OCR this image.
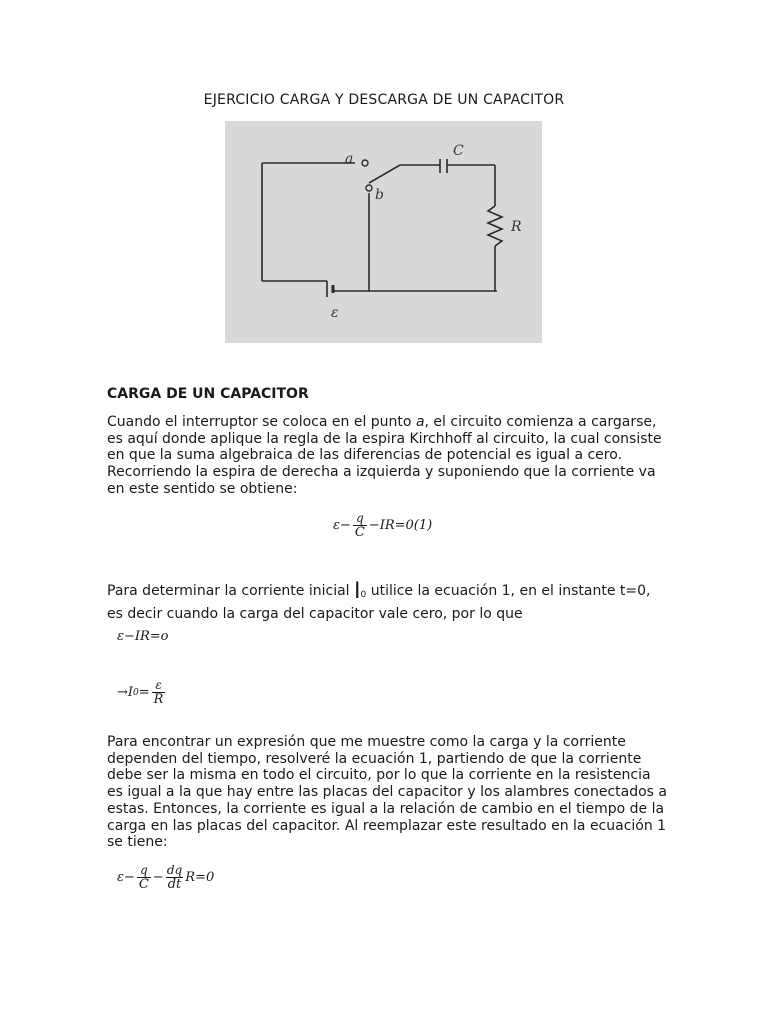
EJERCICIO CARGA Y DESCARGA DE UN CAPACITOR
a
b
C
R
ε
CARGA DE UN CAPACITOR

Cuando el interruptor se coloca en el punto a, el circuito comienza a cargarse, es aquí donde aplique la regla de la espira Kirchhoff al circuito, la cual consiste en que la suma algebraica de las diferencias de potencial es igual a cero. Recorriendo la espira de derecha a izquierda y suponiendo que la corriente va en este sentido se obtiene:

$\varepsilon- \frac{q}{C} -IR=0(1)$

Para determinar la corriente inicial $I_0$ utilice la ecuación 1, en el instante t=0, es decir cuando la carga del capacitor vale cero, por lo que

ε−IR=o
→I $0 = \frac{\varepsilon}{R}$

Para encontrar un expresión que me muestre como la carga y la corriente dependen del tiempo, resolveré la ecuación 1, partiendo de que la corriente debe ser la misma en todo el circuito, por lo que la corriente en la resistencia es igual a la que hay entre las placas del capacitor y los alambres conectados a estas. Entonces, la corriente es igual a la relación de cambio en el tiempo de la carga en las placas del capacitor. Al reemplazar este resultado en la ecuación 1 se tiene:

$\varepsilon- \frac{q}{C} - \frac{dq}{dt} R=0$
